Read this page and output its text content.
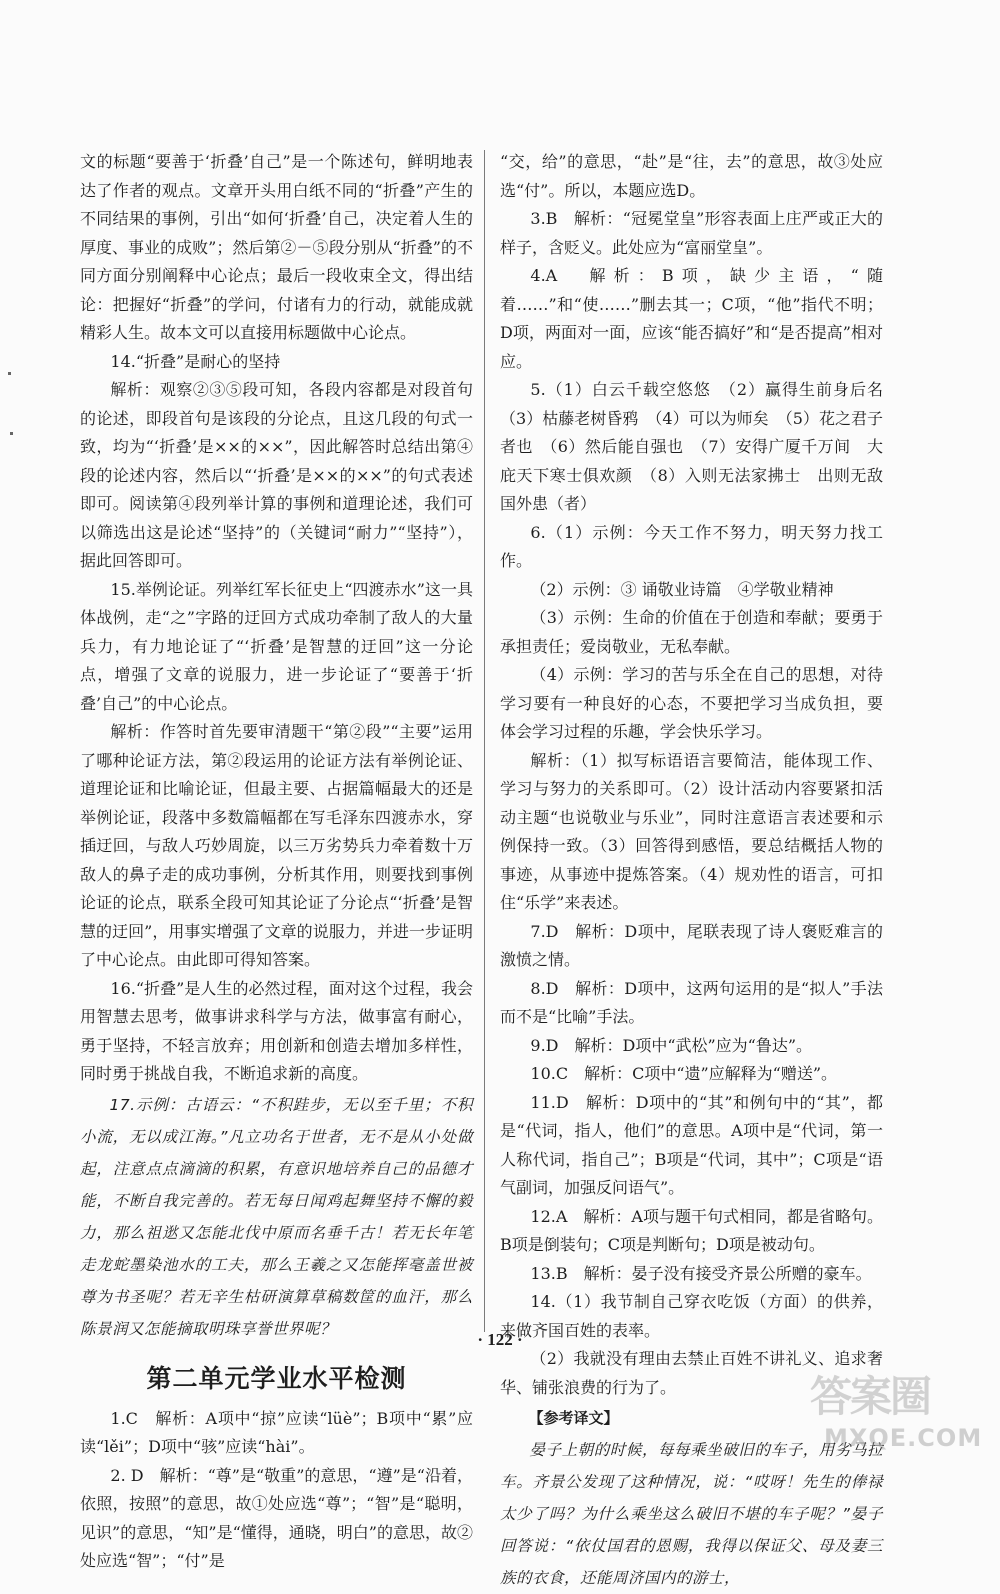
文的标题“要善于‘折叠’自己”是一个陈述句，鲜明地表达了作者的观点。文章开头用白纸不同的“折叠”产生的不同结果的事例，引出“如何‘折叠’自己，决定着人生的厚度、事业的成败”；然后第②－⑤段分别从“折叠”的不同方面分别阐释中心论点；最后一段收束全文，得出结论：把握好“折叠”的学问，付诸有力的行动，就能成就精彩人生。故本文可以直接用标题做中心论点。

14.“折叠”是耐心的坚持

解析：观察②③⑤段可知，各段内容都是对段首句的论述，即段首句是该段的分论点，且这几段的句式一致，均为“‘折叠’是××的××”，因此解答时总结出第④段的论述内容，然后以“‘折叠’是××的××”的句式表述即可。阅读第④段列举计算的事例和道理论述，我们可以筛选出这是论述“坚持”的（关键词“耐力”“坚持”），据此回答即可。

15.举例论证。列举红军长征史上“四渡赤水”这一具体战例，走“之”字路的迂回方式成功牵制了敌人的大量兵力，有力地论证了“‘折叠’是智慧的迂回”这一分论点，增强了文章的说服力，进一步论证了“要善于‘折叠’自己”的中心论点。

解析：作答时首先要审清题干“第②段”“主要”运用了哪种论证方法，第②段运用的论证方法有举例论证、道理论证和比喻论证，但最主要、占据篇幅最大的还是举例论证，段落中多数篇幅都在写毛泽东四渡赤水，穿插迂回，与敌人巧妙周旋，以三万劣势兵力牵着数十万敌人的鼻子走的成功事例，分析其作用，则要找到事例论证的论点，联系全段可知其论证了分论点“‘折叠’是智慧的迂回”，用事实增强了文章的说服力，并进一步证明了中心论点。由此即可得知答案。

16.“折叠”是人生的必然过程，面对这个过程，我会用智慧去思考，做事讲求科学与方法，做事富有耐心，勇于坚持，不轻言放弃；用创新和创造去增加多样性，同时勇于挑战自我，不断追求新的高度。

17.示例：古语云：“不积跬步，无以至千里；不积小流，无以成江海。”凡立功名于世者，无不是从小处做起，注意点点滴滴的积累，有意识地培养自己的品德才能，不断自我完善的。若无每日闻鸡起舞坚持不懈的毅力，那么祖逖又怎能北伐中原而名垂千古！若无长年笔走龙蛇墨染池水的工夫，那么王羲之又怎能挥毫盖世被尊为书圣呢？若无辛生枯研演算草稿数筐的血汗，那么陈景润又怎能摘取明珠享誉世界呢？

第二单元学业水平检测

1.C　解析：A项中“掠”应读“lüè”；B项中“累”应读“lěi”；D项中“骇”应读“hài”。

2. D　解析：“尊”是“敬重”的意思，“遵”是“沿着，依照，按照”的意思，故①处应选“尊”；“智”是“聪明，见识”的意思，“知”是“懂得，通晓，明白”的意思，故②处应选“智”；“付”是

“交，给”的意思，“赴”是“往，去”的意思，故③处应选“付”。所以，本题应选D。

3.B　解析：“冠冕堂皇”形容表面上庄严或正大的样子，含贬义。此处应为“富丽堂皇”。

4.A　解析：B项，缺少主语，“随着……”和“使……”删去其一；C项，“他”指代不明；D项，两面对一面，应该“能否搞好”和“是否提高”相对应。

5.（1）白云千载空悠悠　（2）赢得生前身后名　（3）枯藤老树昏鸦　（4）可以为师矣　（5）花之君子者也　（6）然后能自强也　（7）安得广厦千万间　大庇天下寒士俱欢颜　（8）入则无法家拂士　出则无敌国外患（者）

6.（1）示例：今天工作不努力，明天努力找工作。

（2）示例：③ 诵敬业诗篇　④学敬业精神

（3）示例：生命的价值在于创造和奉献；要勇于承担责任；爱岗敬业，无私奉献。

（4）示例：学习的苦与乐全在自己的思想，对待学习要有一种良好的心态，不要把学习当成负担，要体会学习过程的乐趣，学会快乐学习。

解析：（1）拟写标语语言要简洁，能体现工作、学习与努力的关系即可。（2）设计活动内容要紧扣活动主题“也说敬业与乐业”，同时注意语言表述要和示例保持一致。（3）回答得到感悟，要总结概括人物的事迹，从事迹中提炼答案。（4）规劝性的语言，可扣住“乐学”来表述。

7.D　解析：D项中，尾联表现了诗人褒贬难言的激愤之情。

8.D　解析：D项中，这两句运用的是“拟人”手法而不是“比喻”手法。

9.D　解析：D项中“武松”应为“鲁达”。

10.C　解析：C项中“遗”应解释为“赠送”。

11.D　解析：D项中的“其”和例句中的“其”，都是“代词，指人，他们”的意思。A项中是“代词，第一人称代词，指自己”；B项是“代词，其中”；C项是“语气副词，加强反问语气”。

12.A　解析：A项与题干句式相同，都是省略句。B项是倒装句；C项是判断句；D项是被动句。

13.B　解析：晏子没有接受齐景公所赠的豪车。

14.（1）我节制自己穿衣吃饭（方面）的供养，来做齐国百姓的表率。

（2）我就没有理由去禁止百姓不讲礼义、追求奢华、铺张浪费的行为了。

【参考译文】

晏子上朝的时候，每每乘坐破旧的车子，用劣马拉车。齐景公发现了这种情况，说：“哎呀！先生的俸禄太少了吗？为什么乘坐这么破旧不堪的车子呢？”晏子回答说：“依仗国君的恩赐，我得以保证父、母及妻三族的衣食，还能周济国内的游士，

· 122 ·
答案圈
MXQE.COM
